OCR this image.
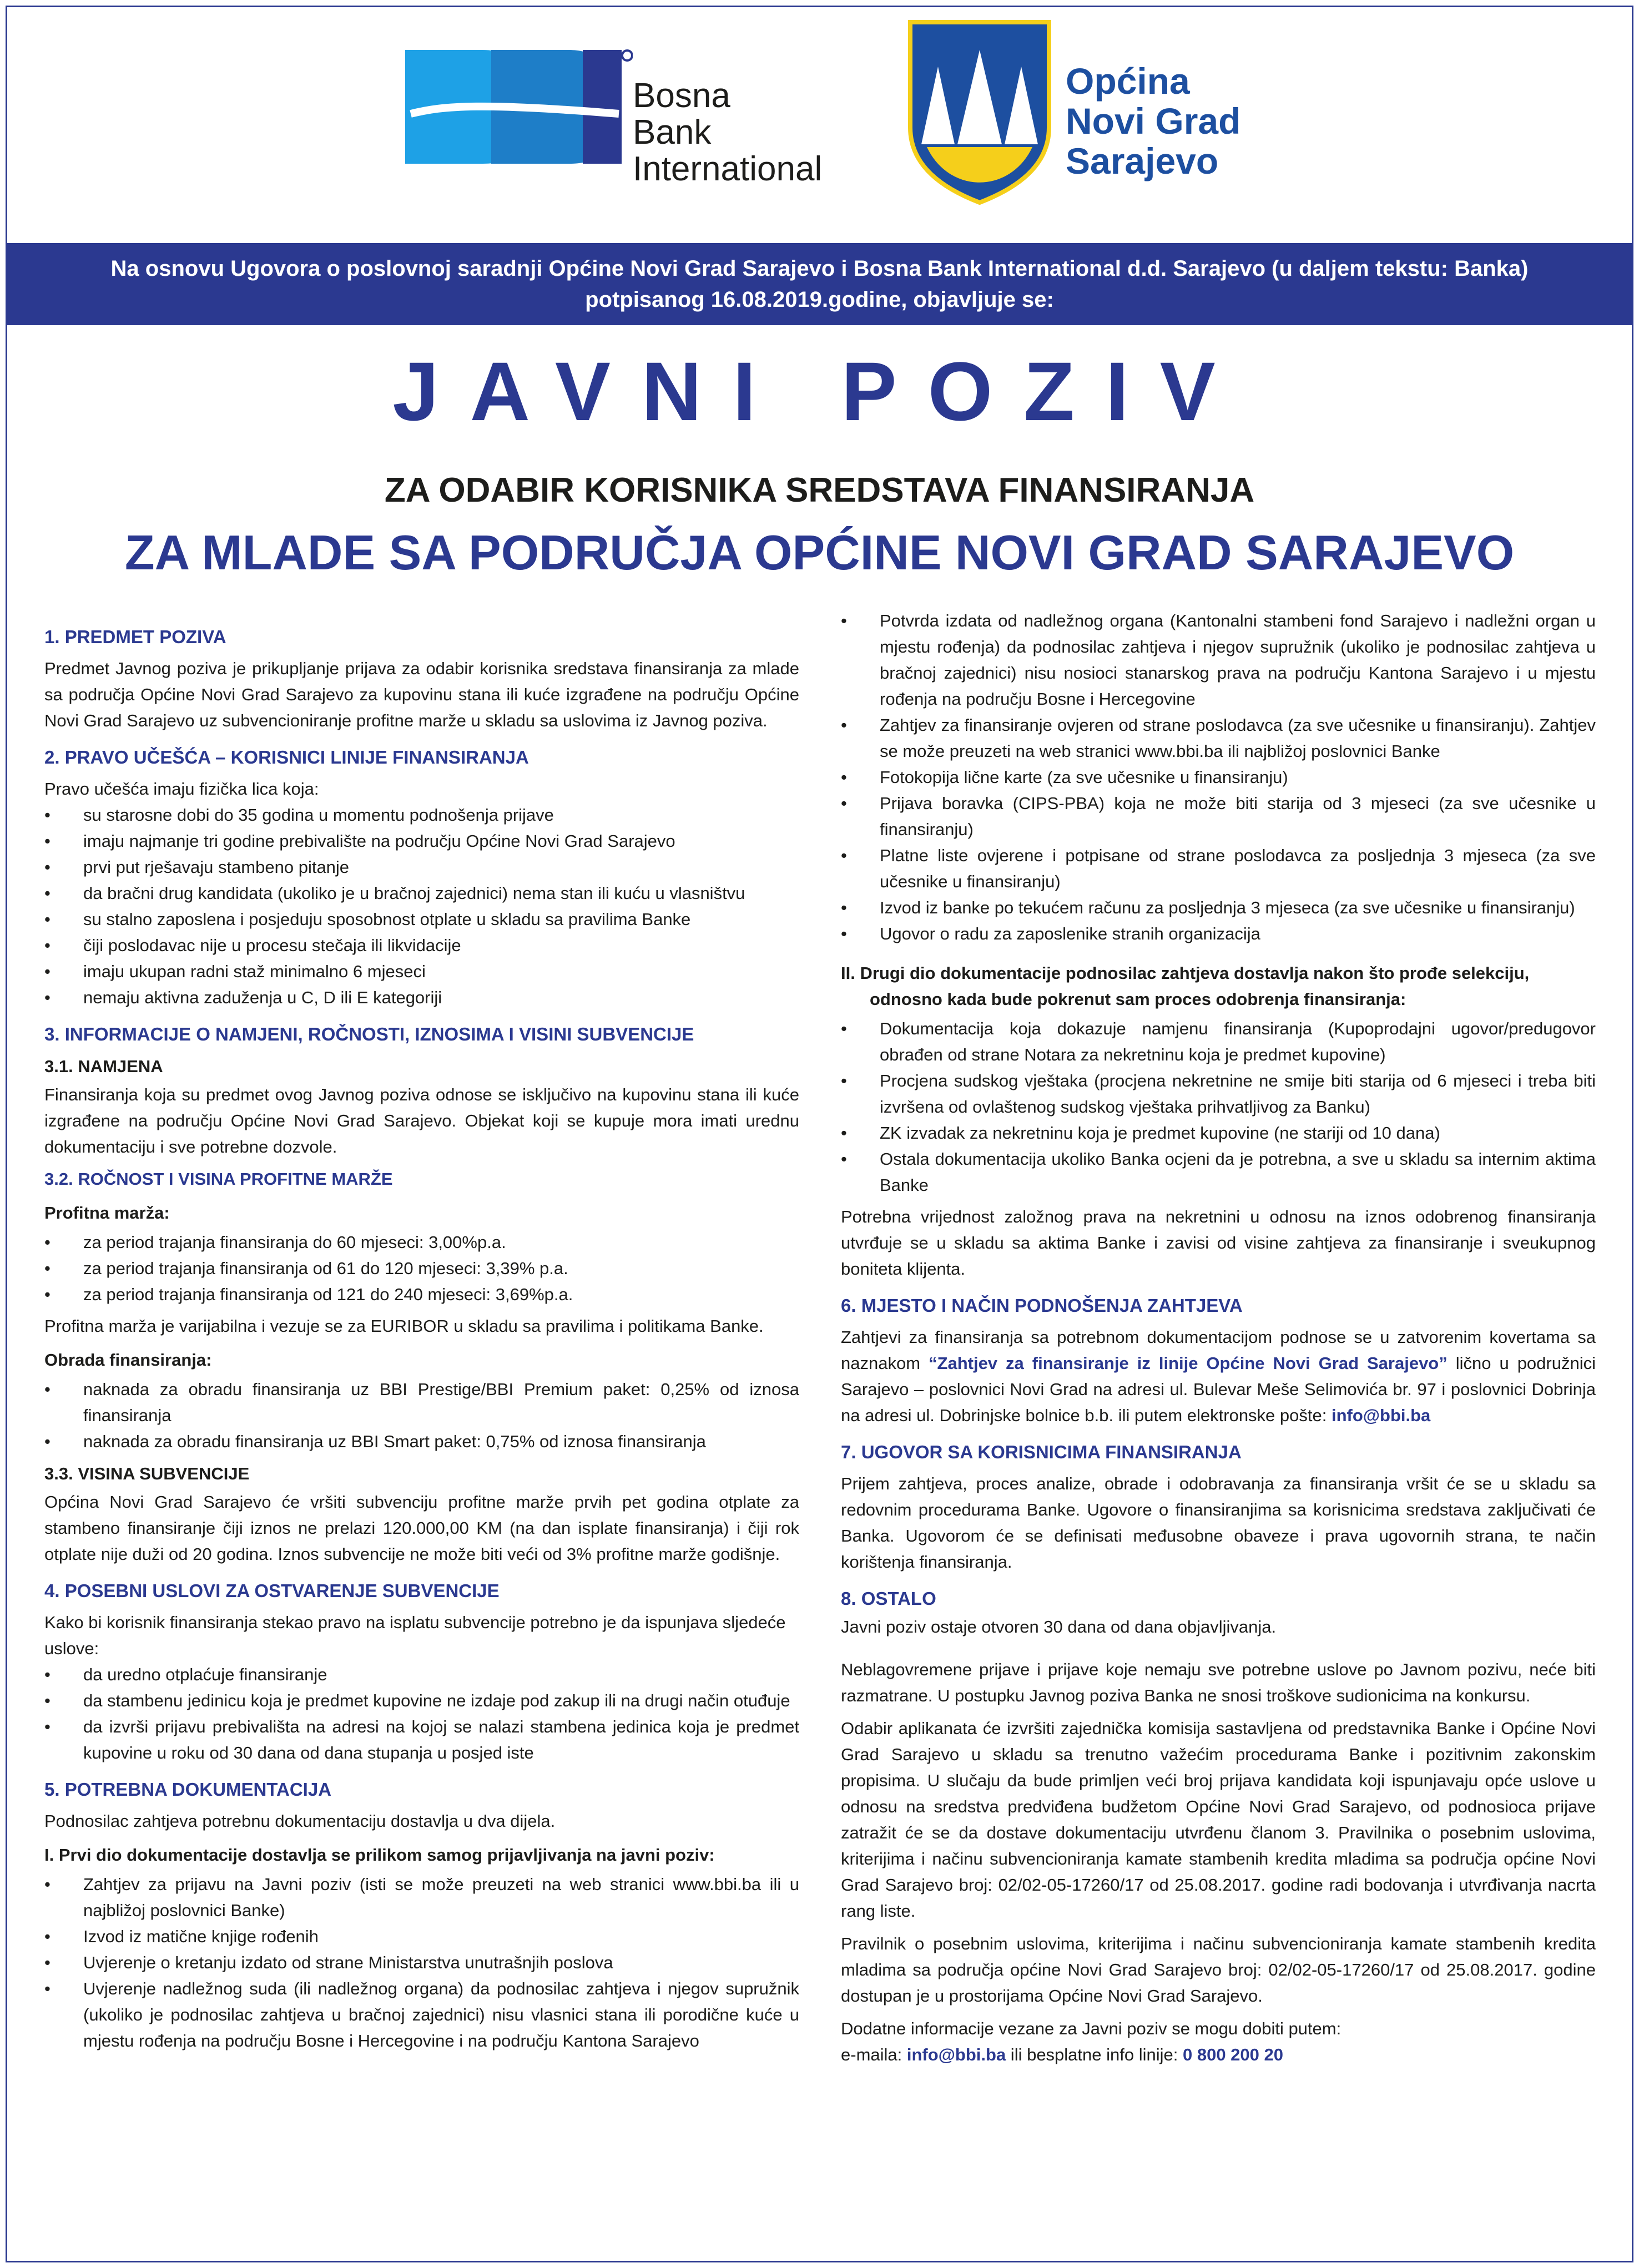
Bosna
Bank
International
Općina
Novi Grad
Sarajevo
Na osnovu Ugovora o poslovnoj saradnji Općine Novi Grad Sarajevo i Bosna Bank International d.d. Sarajevo (u daljem tekstu: Banka)
potpisanog 16.08.2019.godine, objavljuje se:
JAVNI POZIV
ZA ODABIR KORISNIKA SREDSTAVA FINANSIRANJA
ZA MLADE SA PODRUČJA OPĆINE NOVI GRAD SARAJEVO
1. PREDMET POZIVA

Predmet Javnog poziva je prikupljanje prijava za odabir korisnika sredstava finansiranja za mlade sa područja Općine Novi Grad Sarajevo za kupovinu stana ili kuće izgrađene na području Općine Novi Grad Sarajevo uz subvencioniranje profitne marže u skladu sa uslovima iz Javnog poziva.

2. PRAVO UČEŠĆA – KORISNICI LINIJE FINANSIRANJA
Pravo učešća imaju fizička lica koja:
• su starosne dobi do 35 godina u momentu podnošenja prijave
• imaju najmanje tri godine prebivalište na području Općine Novi Grad Sarajevo
• prvi put rješavaju stambeno pitanje
• da bračni drug kandidata (ukoliko je u bračnoj zajednici) nema stan ili kuću u vlasništvu
• su stalno zaposlena i posjeduju sposobnost otplate u skladu sa pravilima Banke
• čiji poslodavac nije u procesu stečaja ili likvidacije
• imaju ukupan radni staž minimalno 6 mjeseci
• nemaju aktivna zaduženja u C, D ili E kategoriji
3. INFORMACIJE O NAMJENI, ROČNOSTI, IZNOSIMA I VISINI SUBVENCIJE
3.1. NAMJENA

Finansiranja koja su predmet ovog Javnog poziva odnose se isključivo na kupovinu stana ili kuće izgrađene na području Općine Novi Grad Sarajevo. Objekat koji se kupuje mora imati urednu dokumentaciju i sve potrebne dozvole.

3.2. ROČNOST I VISINA PROFITNE MARŽE
Profitna marža:
• za period trajanja finansiranja do 60 mjeseci: 3,00%p.a.
• za period trajanja finansiranja od 61 do 120 mjeseci: 3,39% p.a.
• za period trajanja finansiranja od 121 do 240 mjeseci: 3,69%p.a.

Profitna marža je varijabilna i vezuje se za EURIBOR u skladu sa pravilima i politikama Banke.

Obrada finansiranja:
• naknada za obradu finansiranja uz BBI Prestige/BBI Premium paket: 0,25% od iznosa finansiranja
• naknada za obradu finansiranja uz BBI Smart paket: 0,75% od iznosa finansiranja
3.3. VISINA SUBVENCIJE

Općina Novi Grad Sarajevo će vršiti subvenciju profitne marže prvih pet godina otplate za stambeno finansiranje čiji iznos ne prelazi 120.000,00 KM (na dan isplate finansiranja) i čiji rok otplate nije duži od 20 godina. Iznos subvencije ne može biti veći od 3% profitne marže godišnje.

4. POSEBNI USLOVI ZA OSTVARENJE SUBVENCIJE
Kako bi korisnik finansiranja stekao pravo na isplatu subvencije potrebno je da ispunjava sljedeće uslove:
• da uredno otplaćuje finansiranje
• da stambenu jedinicu koja je predmet kupovine ne izdaje pod zakup ili na drugi način otuđuje
• da izvrši prijavu prebivališta na adresi na kojoj se nalazi stambena jedinica koja je predmet kupovine u roku od 30 dana od dana stupanja u posjed iste
5. POTREBNA DOKUMENTACIJA

Podnosilac zahtjeva potrebnu dokumentaciju dostavlja u dva dijela.

I. Prvi dio dokumentacije dostavlja se prilikom samog prijavljivanja na javni poziv:
• Zahtjev za prijavu na Javni poziv (isti se može preuzeti na web stranici www.bbi.ba ili u najbližoj poslovnici Banke)
• Izvod iz matične knjige rođenih
• Uvjerenje o kretanju izdato od strane Ministarstva unutrašnjih poslova
• Uvjerenje nadležnog suda (ili nadležnog organa) da podnosilac zahtjeva i njegov supružnik (ukoliko je podnosilac zahtjeva u bračnoj zajednici) nisu vlasnici stana ili porodične kuće u mjestu rođenja na području Bosne i Hercegovine i na području Kantona Sarajevo
• Potvrda izdata od nadležnog organa (Kantonalni stambeni fond Sarajevo i nadležni organ u mjestu rođenja) da podnosilac zahtjeva i njegov supružnik (ukoliko je podnosilac zahtjeva u bračnoj zajednici) nisu nosioci stanarskog prava na području Kantona Sarajevo i u mjestu rođenja na području Bosne i Hercegovine
• Zahtjev za finansiranje ovjeren od strane poslodavca (za sve učesnike u finansiranju). Zahtjev se može preuzeti na web stranici www.bbi.ba ili najbližoj poslovnici Banke
• Fotokopija lične karte (za sve učesnike u finansiranju)
• Prijava boravka (CIPS-PBA) koja ne može biti starija od 3 mjeseci (za sve učesnike u finansiranju)
• Platne liste ovjerene i potpisane od strane poslodavca za posljednja 3 mjeseca (za sve učesnike u finansiranju)
• Izvod iz banke po tekućem računu za posljednja 3 mjeseca (za sve učesnike u finansiranju)
• Ugovor o radu za zaposlenike stranih organizacija
II. Drugi dio dokumentacije podnosilac zahtjeva dostavlja nakon što prođe selekciju, odnosno kada bude pokrenut sam proces odobrenja finansiranja:
• Dokumentacija koja dokazuje namjenu finansiranja (Kupoprodajni ugovor/predugovor obrađen od strane Notara za nekretninu koja je predmet kupovine)
• Procjena sudskog vještaka (procjena nekretnine ne smije biti starija od 6 mjeseci i treba biti izvršena od ovlaštenog sudskog vještaka prihvatljivog za Banku)
• ZK izvadak za nekretninu koja je predmet kupovine (ne stariji od 10 dana)
• Ostala dokumentacija ukoliko Banka ocjeni da je potrebna, a sve u skladu sa internim aktima Banke

Potrebna vrijednost založnog prava na nekretnini u odnosu na iznos odobrenog finansiranja utvrđuje se u skladu sa aktima Banke i zavisi od visine zahtjeva za finansiranje i sveukupnog boniteta klijenta.

6. MJESTO I NAČIN PODNOŠENJA ZAHTJEVA

Zahtjevi za finansiranja sa potrebnom dokumentacijom podnose se u zatvorenim kovertama sa naznakom “Zahtjev za finansiranje iz linije Općine Novi Grad Sarajevo” lično u podružnici Sarajevo – poslovnici Novi Grad na adresi ul. Bulevar Meše Selimovića br. 97 i poslovnici Dobrinja na adresi ul. Dobrinjske bolnice b.b. ili putem elektronske pošte: info@bbi.ba

7. UGOVOR SA KORISNICIMA FINANSIRANJA

Prijem zahtjeva, proces analize, obrade i odobravanja za finansiranja vršit će se u skladu sa redovnim procedurama Banke. Ugovore o finansiranjima sa korisnicima sredstava zaključivati će Banka. Ugovorom će se definisati međusobne obaveze i prava ugovornih strana, te način korištenja finansiranja.

8. OSTALO

Javni poziv ostaje otvoren 30 dana od dana objavljivanja.

Neblagovremene prijave i prijave koje nemaju sve potrebne uslove po Javnom pozivu, neće biti razmatrane. U postupku Javnog poziva Banka ne snosi troškove sudionicima na konkursu.

Odabir aplikanata će izvršiti zajednička komisija sastavljena od predstavnika Banke i Općine Novi Grad Sarajevo u skladu sa trenutno važećim procedurama Banke i pozitivnim zakonskim propisima. U slučaju da bude primljen veći broj prijava kandidata koji ispunjavaju opće uslove u odnosu na sredstva predviđena budžetom Općine Novi Grad Sarajevo, od podnosioca prijave zatražit će se da dostave dokumentaciju utvrđenu članom 3. Pravilnika o posebnim uslovima, kriterijima i načinu subvencioniranja kamate stambenih kredita mladima sa područja općine Novi Grad Sarajevo broj: 02/02-05-17260/17 od 25.08.2017. godine radi bodovanja i utvrđivanja nacrta rang liste.

Pravilnik o posebnim uslovima, kriterijima i načinu subvencioniranja kamate stambenih kredita mladima sa područja općine Novi Grad Sarajevo broj: 02/02-05-17260/17 od 25.08.2017. godine dostupan je u prostorijama Općine Novi Grad Sarajevo.

Dodatne informacije vezane za Javni poziv se mogu dobiti putem:
e-maila: info@bbi.ba ili besplatne info linije: 0 800 200 20
